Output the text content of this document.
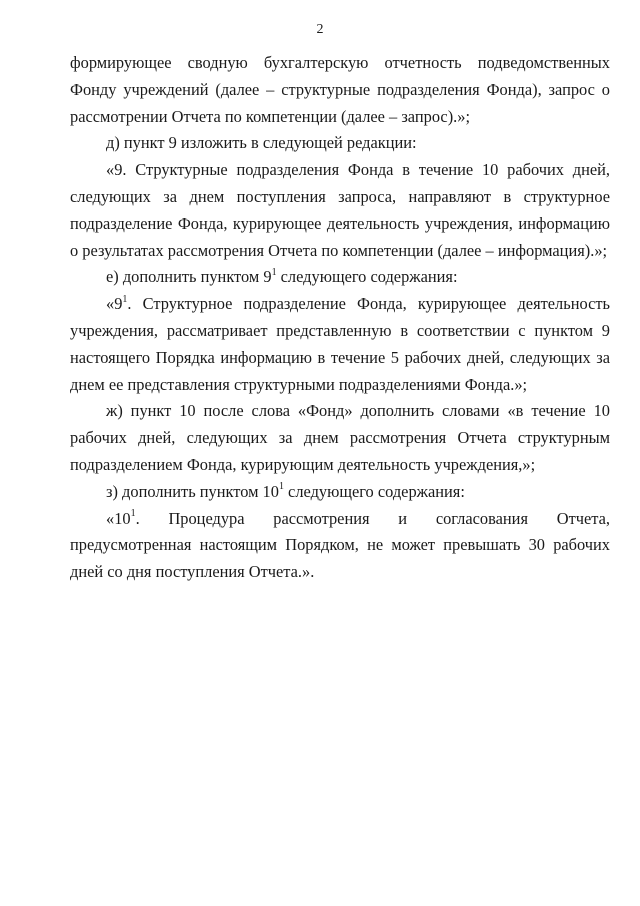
2

формирующее сводную бухгалтерскую отчетность подведомственных Фонду учреждений (далее – структурные подразделения Фонда), запрос о рассмотрении Отчета по компетенции (далее – запрос).»;

д) пункт 9 изложить в следующей редакции:

«9. Структурные подразделения Фонда в течение 10 рабочих дней, следующих за днем поступления запроса, направляют в структурное подразделение Фонда, курирующее деятельность учреждения, информацию о результатах рассмотрения Отчета по компетенции (далее – информация).»;

е) дополнить пунктом $9^1$ следующего содержания:

«$9^1$. Структурное подразделение Фонда, курирующее деятельность учреждения, рассматривает представленную в соответствии с пунктом 9 настоящего Порядка информацию в течение 5 рабочих дней, следующих за днем ее представления структурными подразделениями Фонда.»;

ж) пункт 10 после слова «Фонд» дополнить словами «в течение 10 рабочих дней, следующих за днем рассмотрения Отчета структурным подразделением Фонда, курирующим деятельность учреждения,»;

з) дополнить пунктом $10^1$ следующего содержания:

«$10^1$. Процедура рассмотрения и согласования Отчета, предусмотренная настоящим Порядком, не может превышать 30 рабочих дней со дня поступления Отчета.».
